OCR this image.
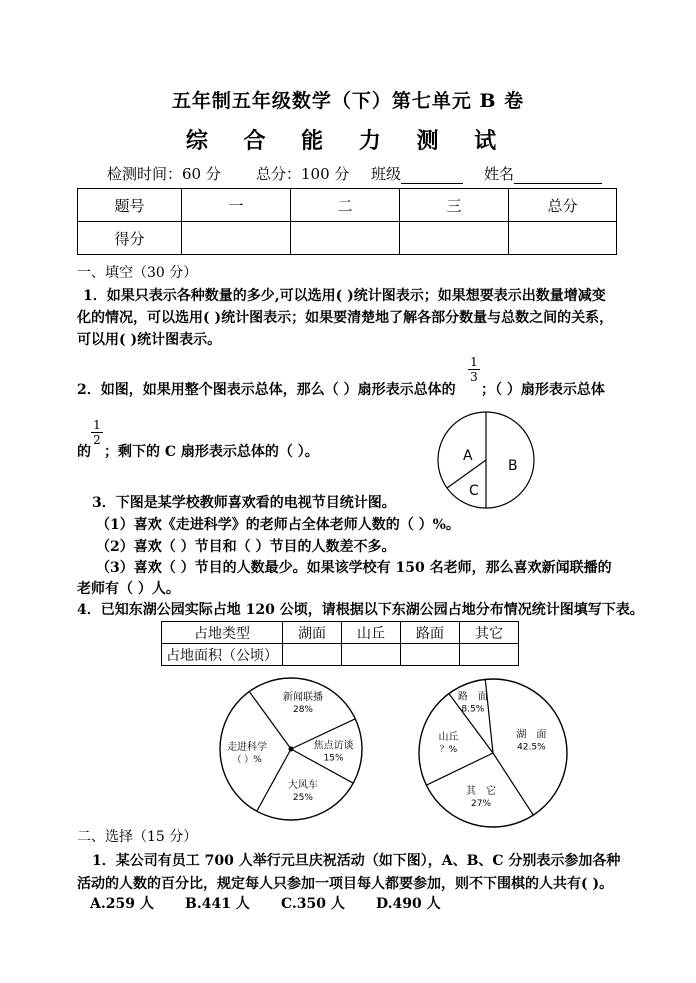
五年制五年级数学（下）第七单元 B 卷
综 合 能 力 测 试
检测时间：60 分 总分：100 分 班级	姓名
题号	一	二	三	总分
得分				
一、填空（30 分）
1．如果只表示各种数量的多少,可以选用( )统计图表示；如果想要表示出数量增减变
化的情况，可以选用( )统计图表示；如果要清楚地了解各部分数量与总数之间的关系，
可以用( )统计图表示。
2．如图，如果用整个图表示总体，那么（ ）扇形表示总体的
1
3
；（ ）扇形表示总体
的
1
2
；剩下的 C 扇形表示总体的（ ）。	A
B
C
3．下图是某学校教师喜欢看的电视节目统计图。
（1）喜欢《走进科学》的老师占全体老师人数的（ ）%。
（2）喜欢（ ）节目和（ ）节目的人数差不多。
（3）喜欢（ ）节目的人数最少。如果该学校有 150 名老师，那么喜欢新闻联播的
老师有（ ）人。
4．已知东湖公园实际占地 120 公顷，请根据以下东湖公园占地分布情况统计图填写下表。
占地类型	湖面	山丘	路面	其它
占地面积（公顷）				
新闻联播
28%
焦点访谈
15%
大风车
25%
走进科学
（ ）%
湖　面
42.5%
其　它
27%
山丘
？%
路　面
8.5%
二、选择（15 分）
1．某公司有员工 700 人举行元旦庆祝活动（如下图），A、B、C 分别表示参加各种
活动的人数的百分比，规定每人只参加一项目每人都要参加，则不下围棋的人共有( )。
A.259 人 B.441 人 C.350 人 D.490 人
